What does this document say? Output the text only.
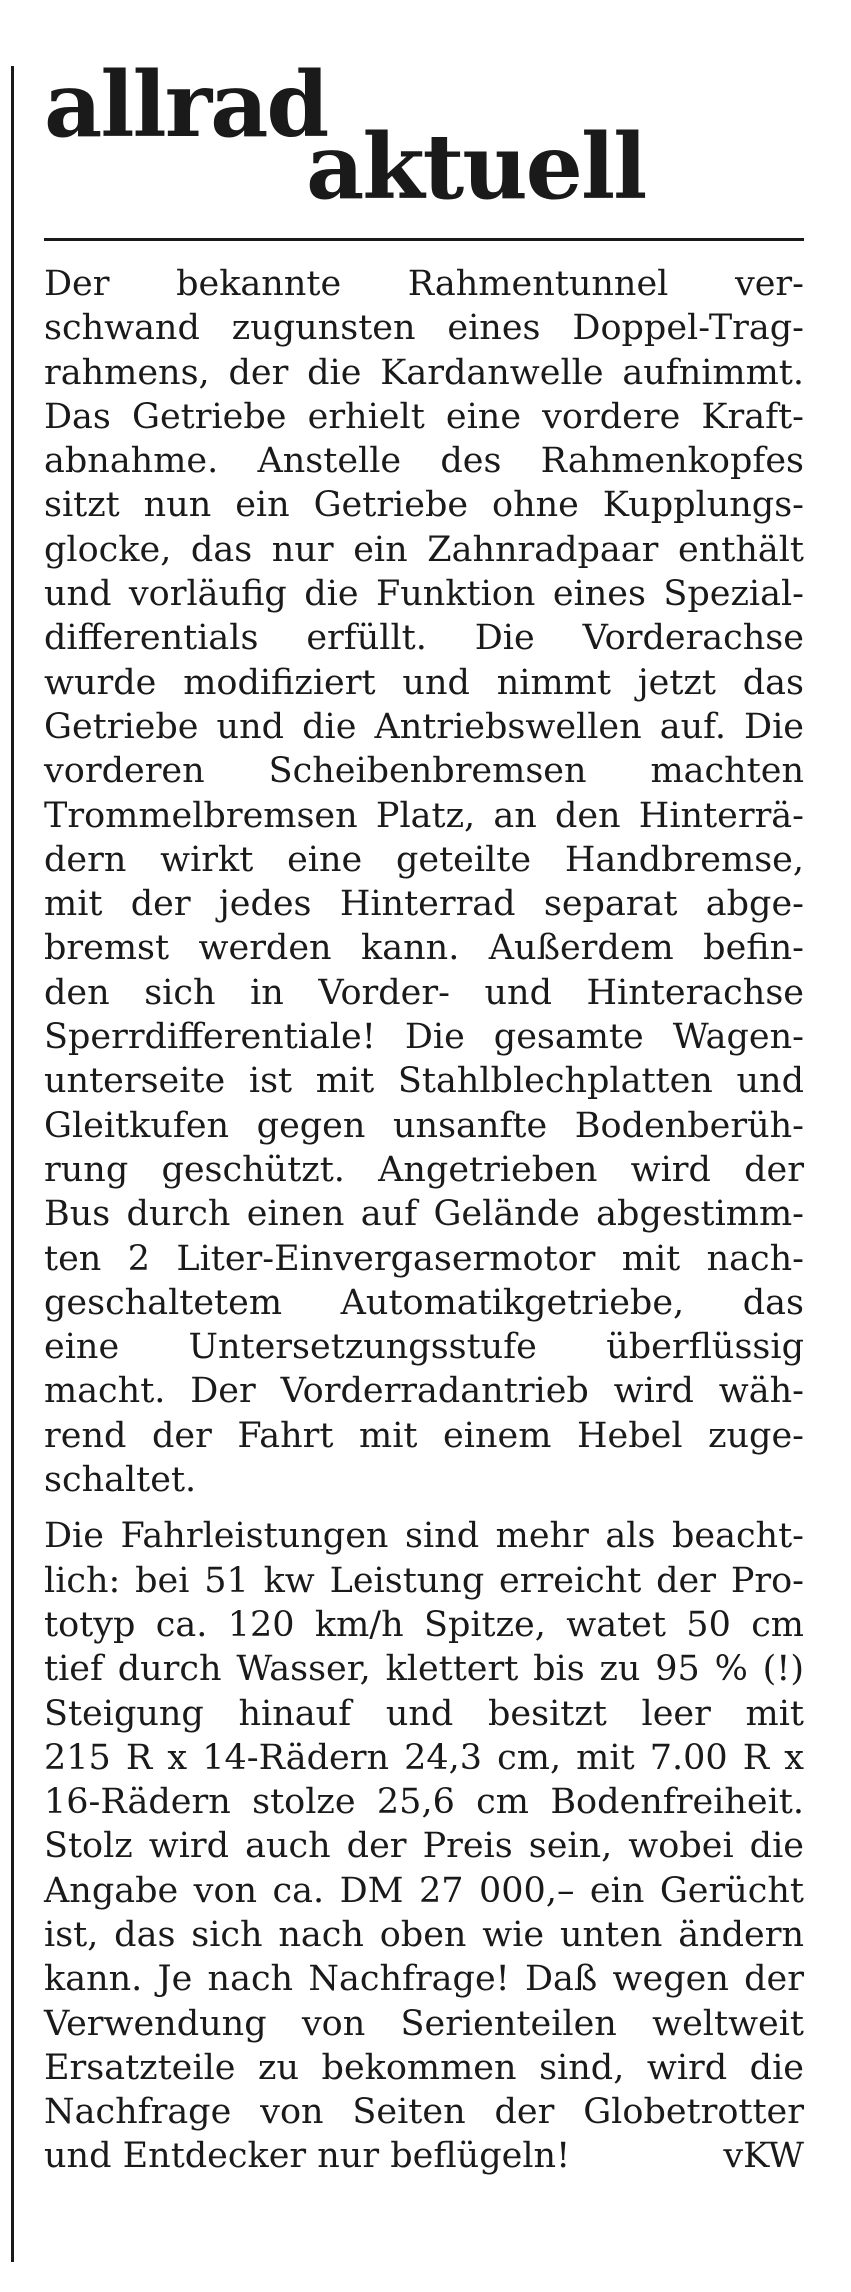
allrad
aktuell
Der bekannte Rahmentunnel ver-
schwand zugunsten eines Doppel-Trag-
rahmens, der die Kardanwelle aufnimmt.
Das Getriebe erhielt eine vordere Kraft-
abnahme. Anstelle des Rahmenkopfes
sitzt nun ein Getriebe ohne Kupplungs-
glocke, das nur ein Zahnradpaar enthält
und vorläufig die Funktion eines Spezial-
differentials erfüllt. Die Vorderachse
wurde modifiziert und nimmt jetzt das
Getriebe und die Antriebswellen auf. Die
vorderen Scheibenbremsen machten
Trommelbremsen Platz, an den Hinterrä-
dern wirkt eine geteilte Handbremse,
mit der jedes Hinterrad separat abge-
bremst werden kann. Außerdem befin-
den sich in Vorder- und Hinterachse
Sperrdifferentiale! Die gesamte Wagen-
unterseite ist mit Stahlblechplatten und
Gleitkufen gegen unsanfte Bodenberüh-
rung geschützt. Angetrieben wird der
Bus durch einen auf Gelände abgestimm-
ten 2 Liter-Einvergasermotor mit nach-
geschaltetem Automatikgetriebe, das
eine Untersetzungsstufe überflüssig
macht. Der Vorderradantrieb wird wäh-
rend der Fahrt mit einem Hebel zuge-
schaltet.
Die Fahrleistungen sind mehr als beacht-
lich: bei 51 kw Leistung erreicht der Pro-
totyp ca. 120 km/h Spitze, watet 50 cm
tief durch Wasser, klettert bis zu 95 % (!)
Steigung hinauf und besitzt leer mit
215 R x 14-Rädern 24,3 cm, mit 7.00 R x
16-Rädern stolze 25,6 cm Bodenfreiheit.
Stolz wird auch der Preis sein, wobei die
Angabe von ca. DM 27 000,– ein Gerücht
ist, das sich nach oben wie unten ändern
kann. Je nach Nachfrage! Daß wegen der
Verwendung von Serienteilen weltweit
Ersatzteile zu bekommen sind, wird die
Nachfrage von Seiten der Globetrotter
und Entdecker nur beflügeln!	vKW
